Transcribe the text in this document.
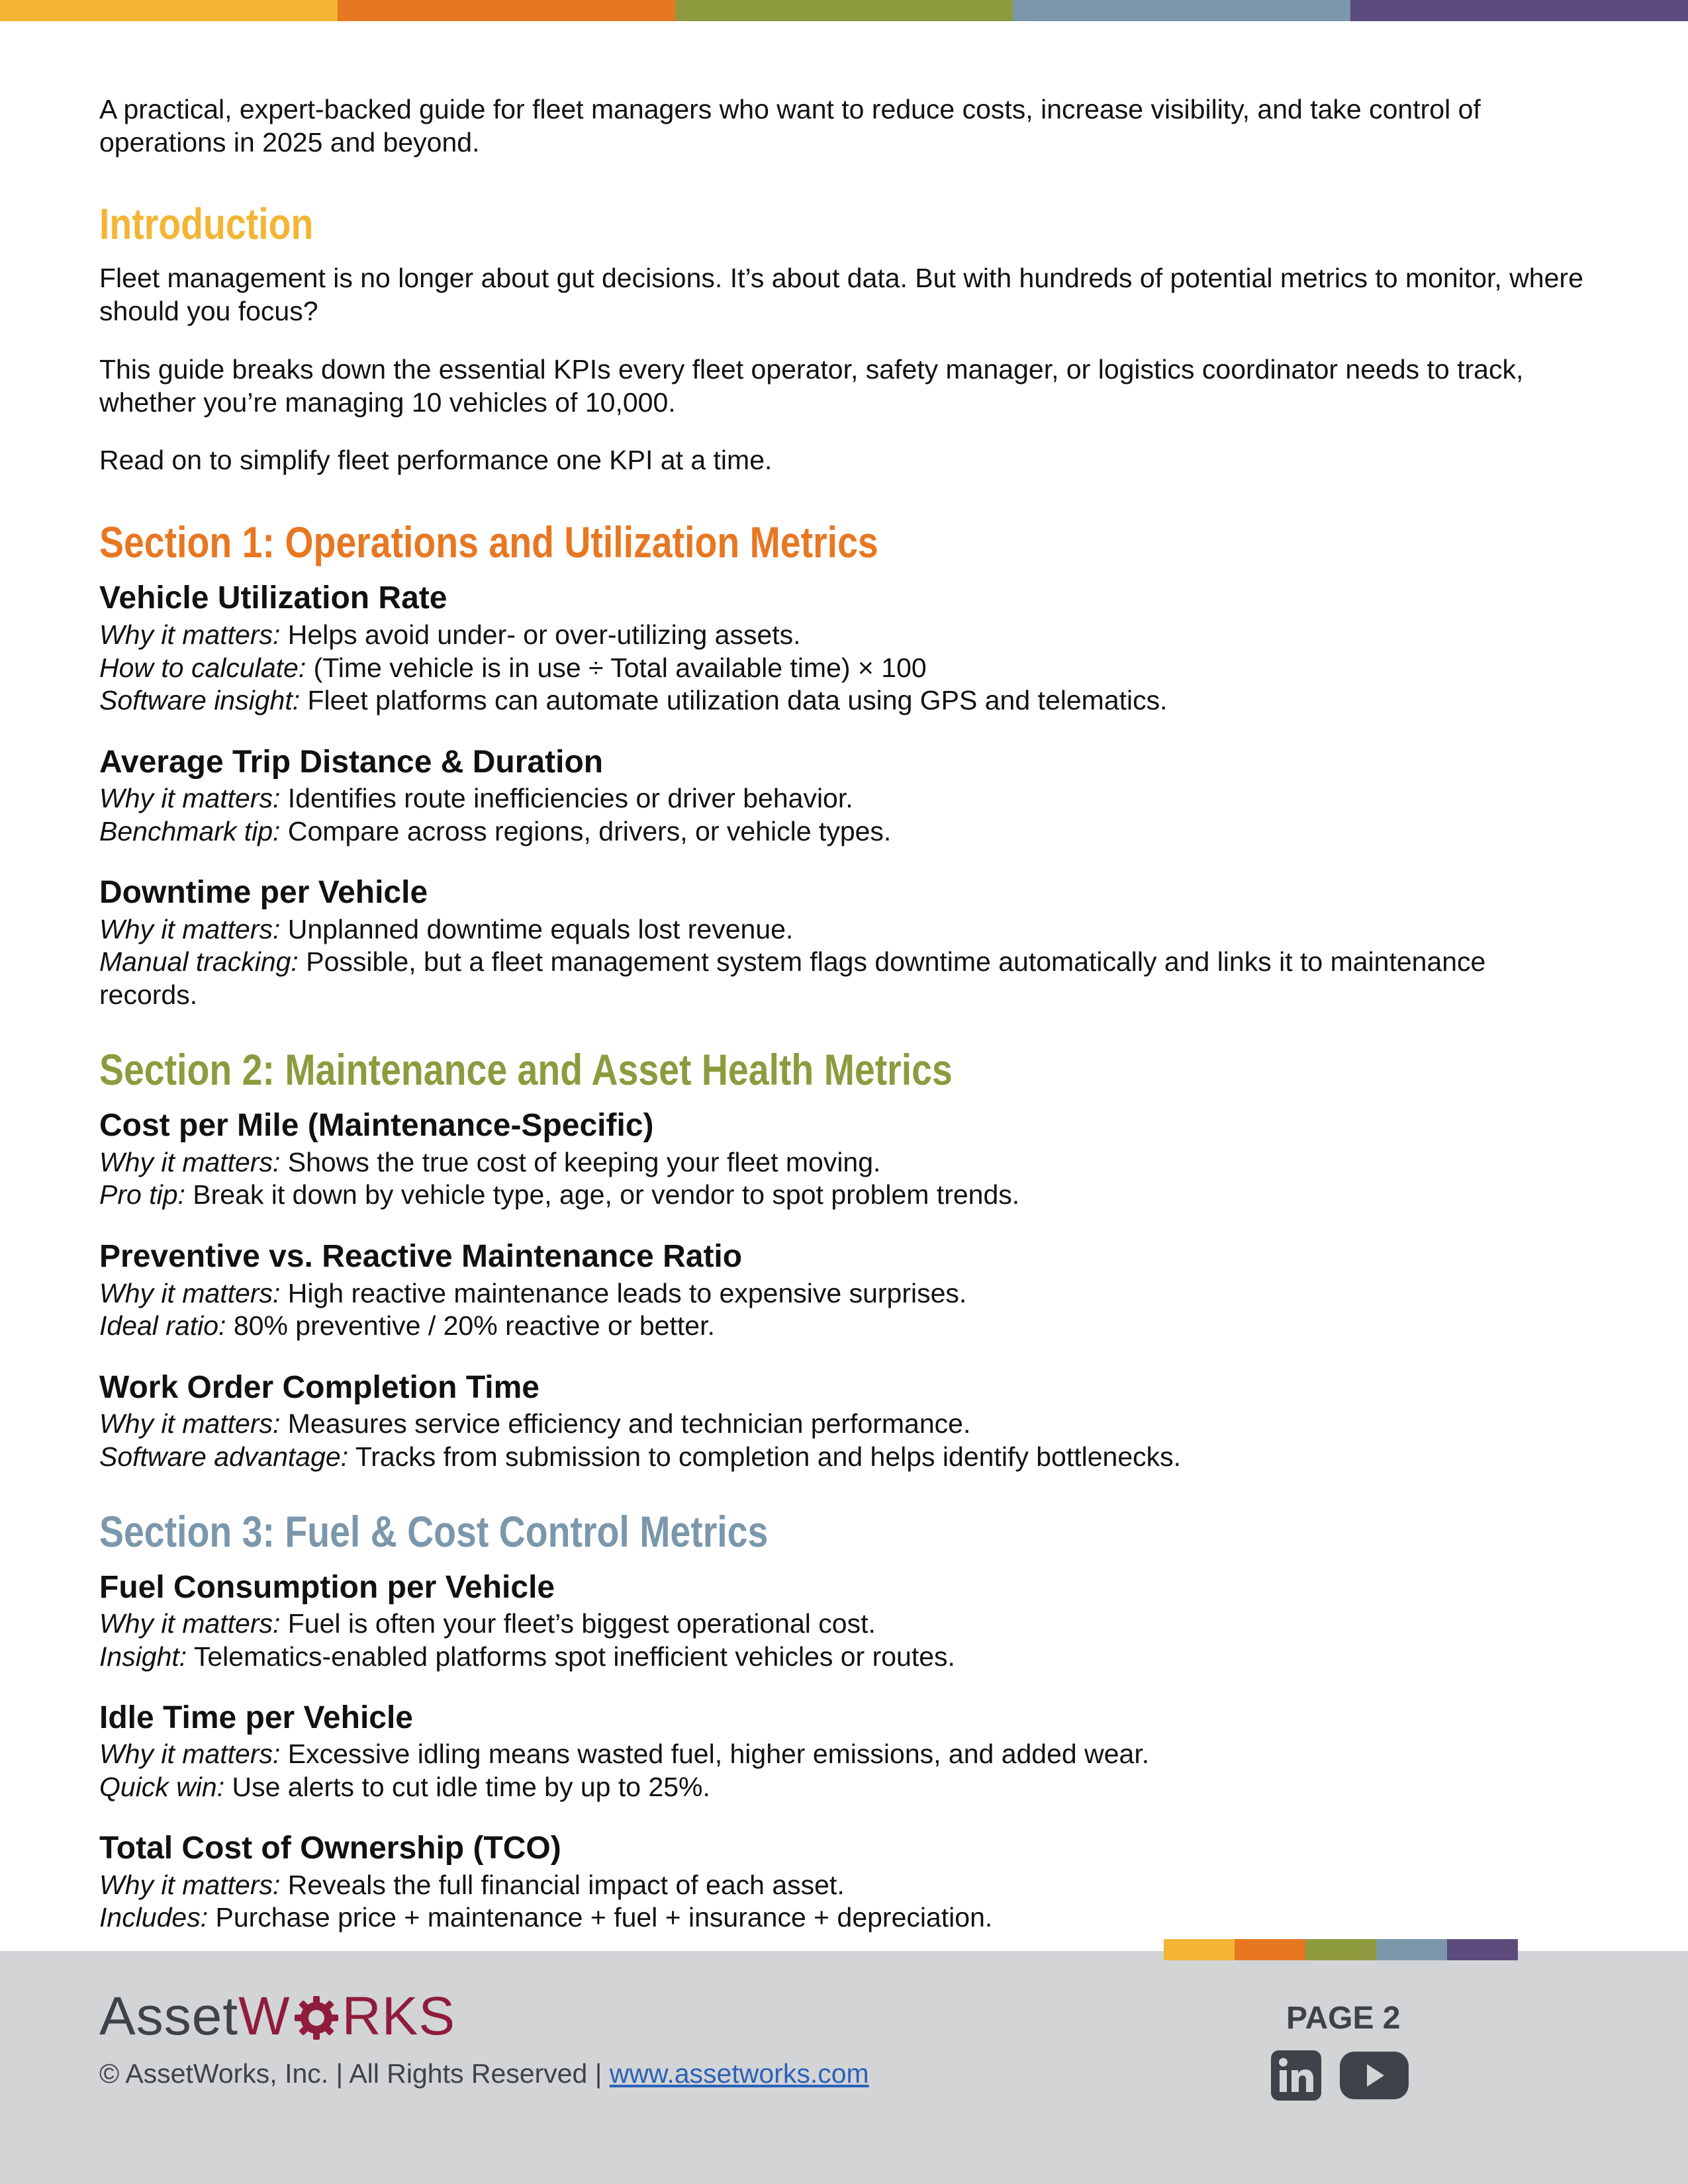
A practical, expert-backed guide for fleet managers who want to reduce costs, increase visibility, and take control of operations in 2025 and beyond.

Introduction

Fleet management is no longer about gut decisions. It’s about data. But with hundreds of potential metrics to monitor, where should you focus?

This guide breaks down the essential KPIs every fleet operator, safety manager, or logistics coordinator needs to track, whether you’re managing 10 vehicles of 10,000.

Read on to simplify fleet performance one KPI at a time.

Section 1: Operations and Utilization Metrics
Vehicle Utilization Rate

Why it matters: Helps avoid under- or over-utilizing assets.

How to calculate: (Time vehicle is in use ÷ Total available time) × 100

Software insight: Fleet platforms can automate utilization data using GPS and telematics.

Average Trip Distance & Duration

Why it matters: Identifies route inefficiencies or driver behavior.

Benchmark tip: Compare across regions, drivers, or vehicle types.

Downtime per Vehicle

Why it matters: Unplanned downtime equals lost revenue.

Manual tracking: Possible, but a fleet management system flags downtime automatically and links it to maintenance records.

Section 2: Maintenance and Asset Health Metrics
Cost per Mile (Maintenance-Specific)

Why it matters: Shows the true cost of keeping your fleet moving.

Pro tip: Break it down by vehicle type, age, or vendor to spot problem trends.

Preventive vs. Reactive Maintenance Ratio

Why it matters: High reactive maintenance leads to expensive surprises.

Ideal ratio: 80% preventive / 20% reactive or better.

Work Order Completion Time

Why it matters: Measures service efficiency and technician performance.

Software advantage: Tracks from submission to completion and helps identify bottlenecks.

Section 3: Fuel & Cost Control Metrics
Fuel Consumption per Vehicle

Why it matters: Fuel is often your fleet’s biggest operational cost.

Insight: Telematics-enabled platforms spot inefficient vehicles or routes.

Idle Time per Vehicle

Why it matters: Excessive idling means wasted fuel, higher emissions, and added wear.

Quick win: Use alerts to cut idle time by up to 25%.

Total Cost of Ownership (TCO)

Why it matters: Reveals the full financial impact of each asset.

Includes: Purchase price + maintenance + fuel + insurance + depreciation.

Asset W RKS
© AssetWorks, Inc. | All Rights Reserved | www.assetworks.com
PAGE 2
